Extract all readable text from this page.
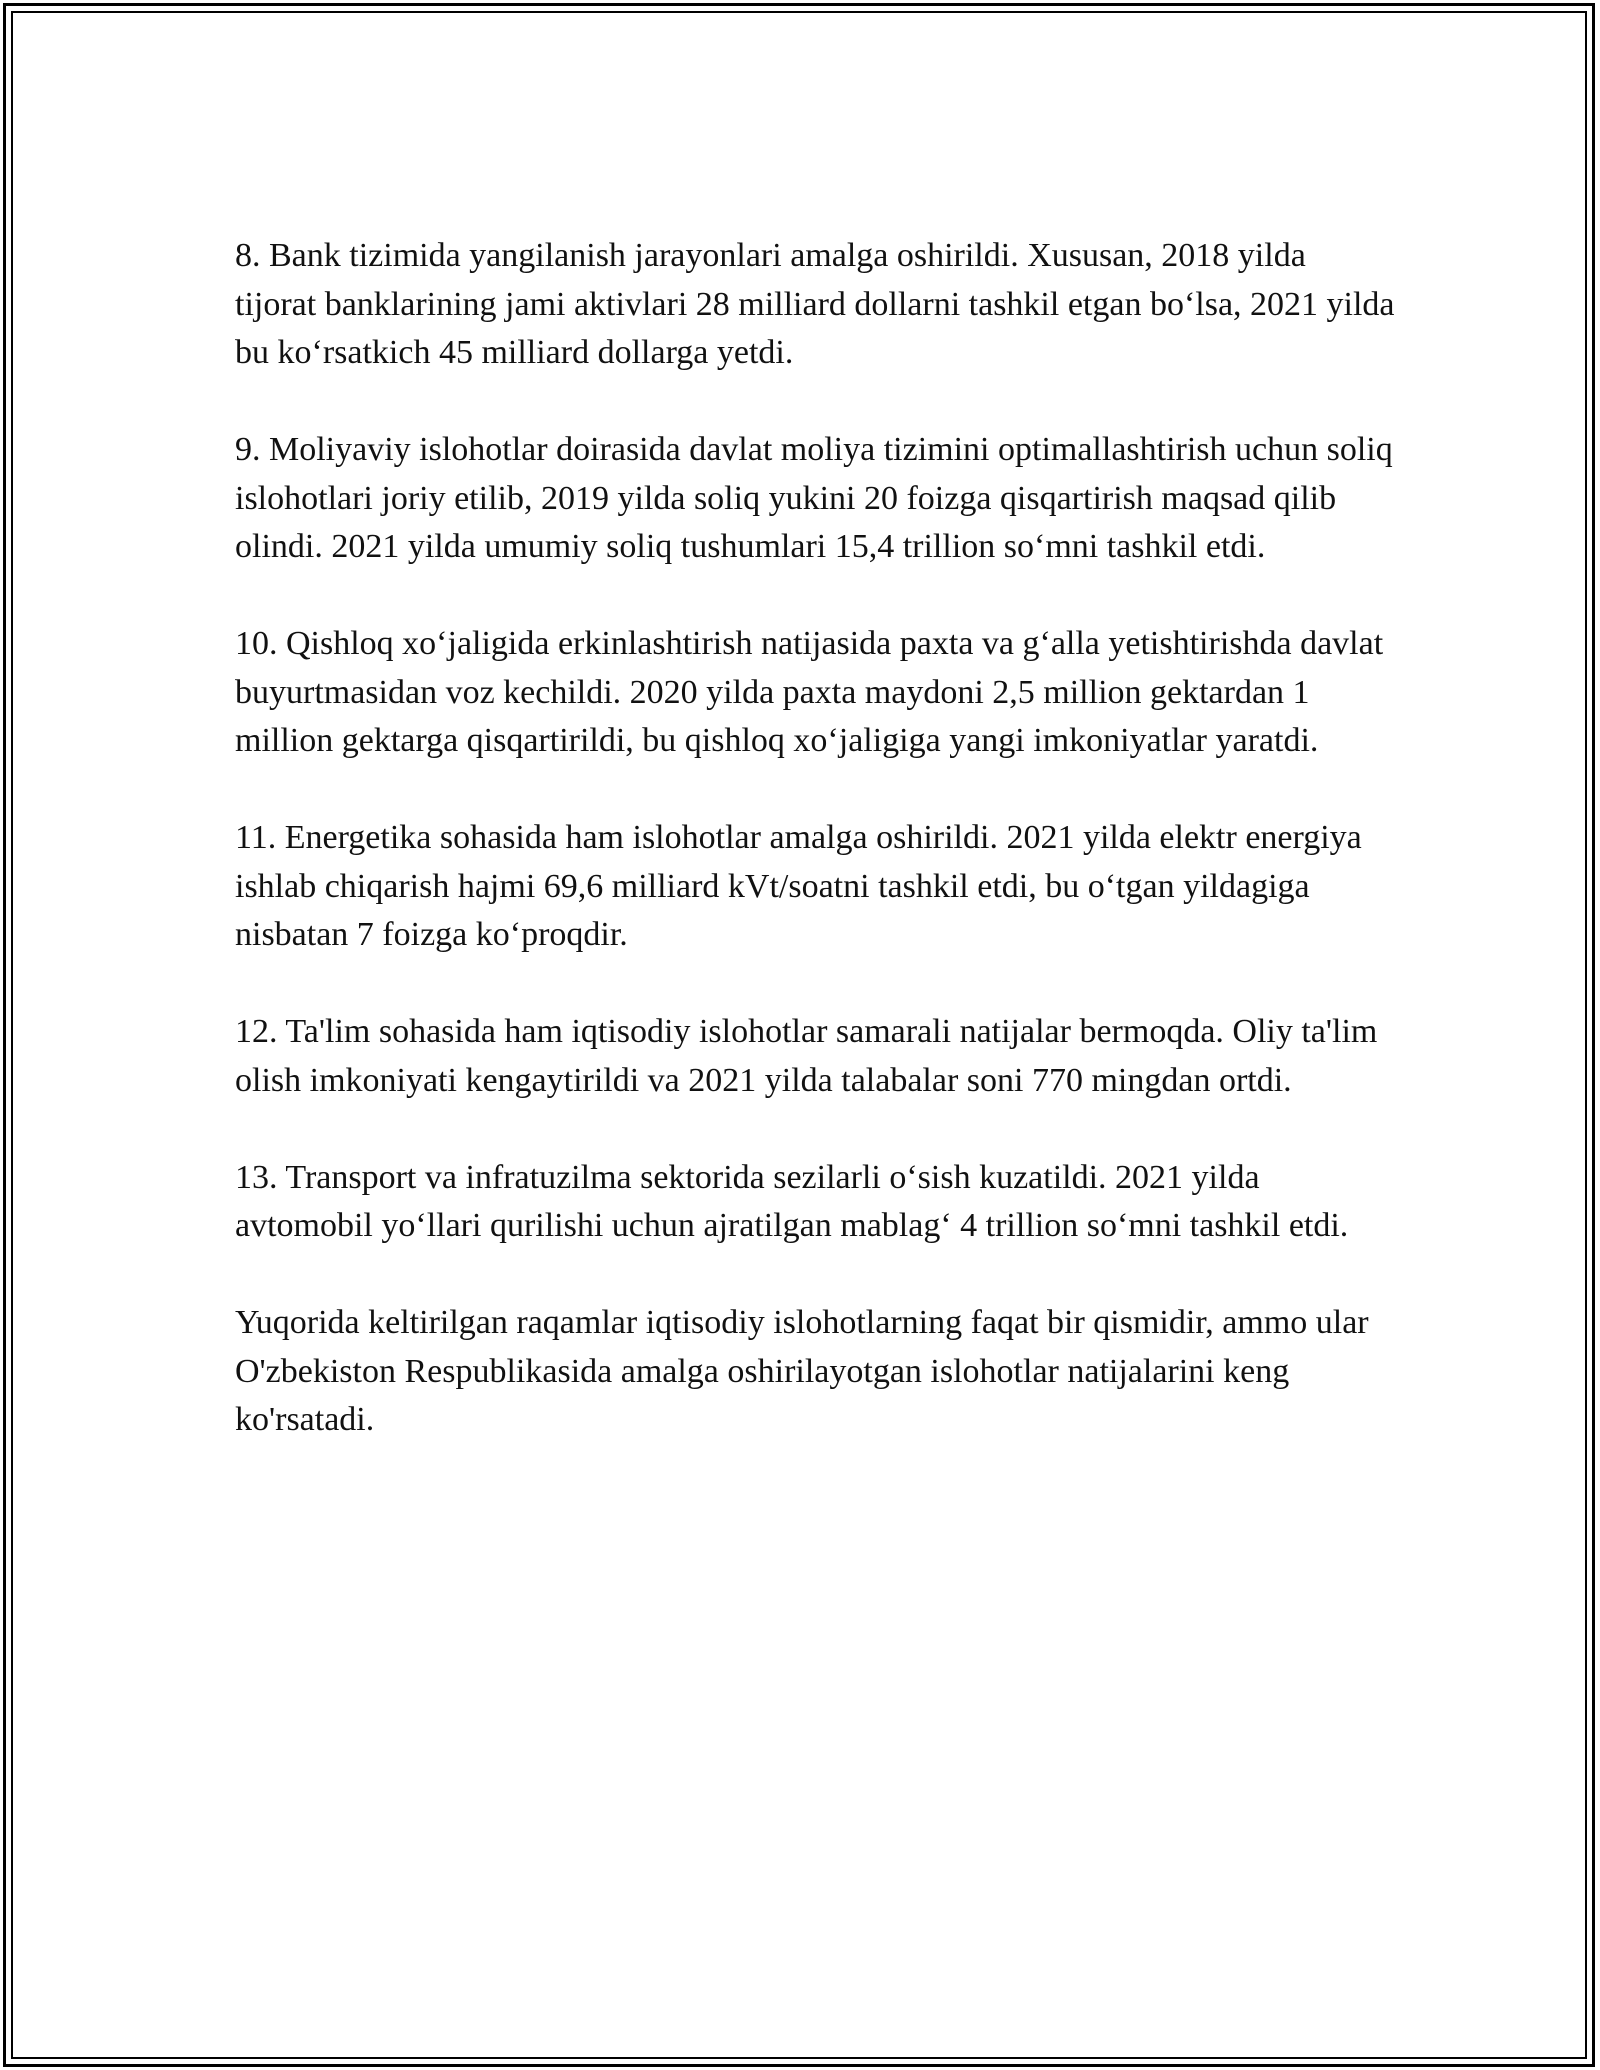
8. Bank tizimida yangilanish jarayonlari amalga oshirildi. Xususan, 2018 yilda tijorat banklarining jami aktivlari 28 milliard dollarni tashkil etgan bo‘lsa, 2021 yilda bu ko‘rsatkich 45 milliard dollarga yetdi.

9. Moliyaviy islohotlar doirasida davlat moliya tizimini optimallashtirish uchun soliq islohotlari joriy etilib, 2019 yilda soliq yukini 20 foizga qisqartirish maqsad qilib olindi. 2021 yilda umumiy soliq tushumlari 15,4 trillion so‘mni tashkil etdi.

10. Qishloq xo‘jaligida erkinlashtirish natijasida paxta va g‘alla yetishtirishda davlat buyurtmasidan voz kechildi. 2020 yilda paxta maydoni 2,5 million gektardan 1 million gektarga qisqartirildi, bu qishloq xo‘jaligiga yangi imkoniyatlar yaratdi.

11. Energetika sohasida ham islohotlar amalga oshirildi. 2021 yilda elektr energiya ishlab chiqarish hajmi 69,6 milliard kVt/soatni tashkil etdi, bu o‘tgan yildagiga nisbatan 7 foizga ko‘proqdir.

12. Ta'lim sohasida ham iqtisodiy islohotlar samarali natijalar bermoqda. Oliy ta'lim olish imkoniyati kengaytirildi va 2021 yilda talabalar soni 770 mingdan ortdi.

13. Transport va infratuzilma sektorida sezilarli o‘sish kuzatildi. 2021 yilda avtomobil yo‘llari qurilishi uchun ajratilgan mablag‘ 4 trillion so‘mni tashkil etdi.

Yuqorida keltirilgan raqamlar iqtisodiy islohotlarning faqat bir qismidir, ammo ular O'zbekiston Respublikasida amalga oshirilayotgan islohotlar natijalarini keng ko'rsatadi.
